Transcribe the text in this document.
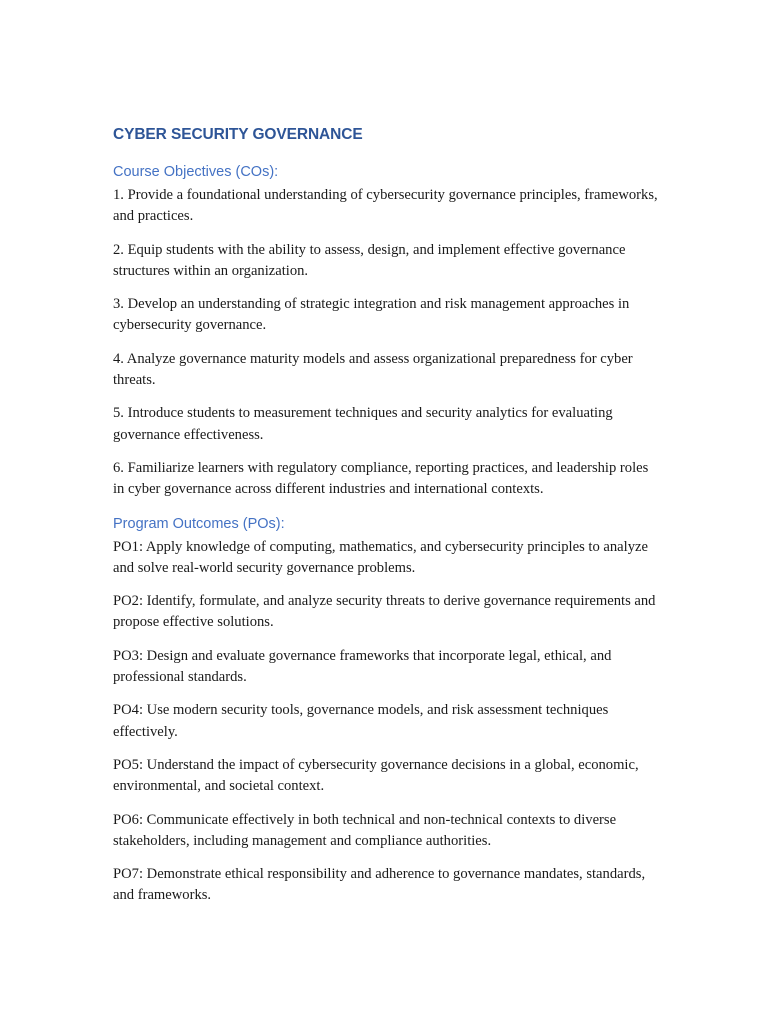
CYBER SECURITY GOVERNANCE
Course Objectives (COs):

1. Provide a foundational understanding of cybersecurity governance principles, frameworks, and practices.

2. Equip students with the ability to assess, design, and implement effective governance structures within an organization.

3. Develop an understanding of strategic integration and risk management approaches in cybersecurity governance.

4. Analyze governance maturity models and assess organizational preparedness for cyber threats.

5. Introduce students to measurement techniques and security analytics for evaluating governance effectiveness.

6. Familiarize learners with regulatory compliance, reporting practices, and leadership roles in cyber governance across different industries and international contexts.

Program Outcomes (POs):

PO1: Apply knowledge of computing, mathematics, and cybersecurity principles to analyze and solve real-world security governance problems.

PO2: Identify, formulate, and analyze security threats to derive governance requirements and propose effective solutions.

PO3: Design and evaluate governance frameworks that incorporate legal, ethical, and professional standards.

PO4: Use modern security tools, governance models, and risk assessment techniques effectively.

PO5: Understand the impact of cybersecurity governance decisions in a global, economic, environmental, and societal context.

PO6: Communicate effectively in both technical and non-technical contexts to diverse stakeholders, including management and compliance authorities.

PO7: Demonstrate ethical responsibility and adherence to governance mandates, standards, and frameworks.
